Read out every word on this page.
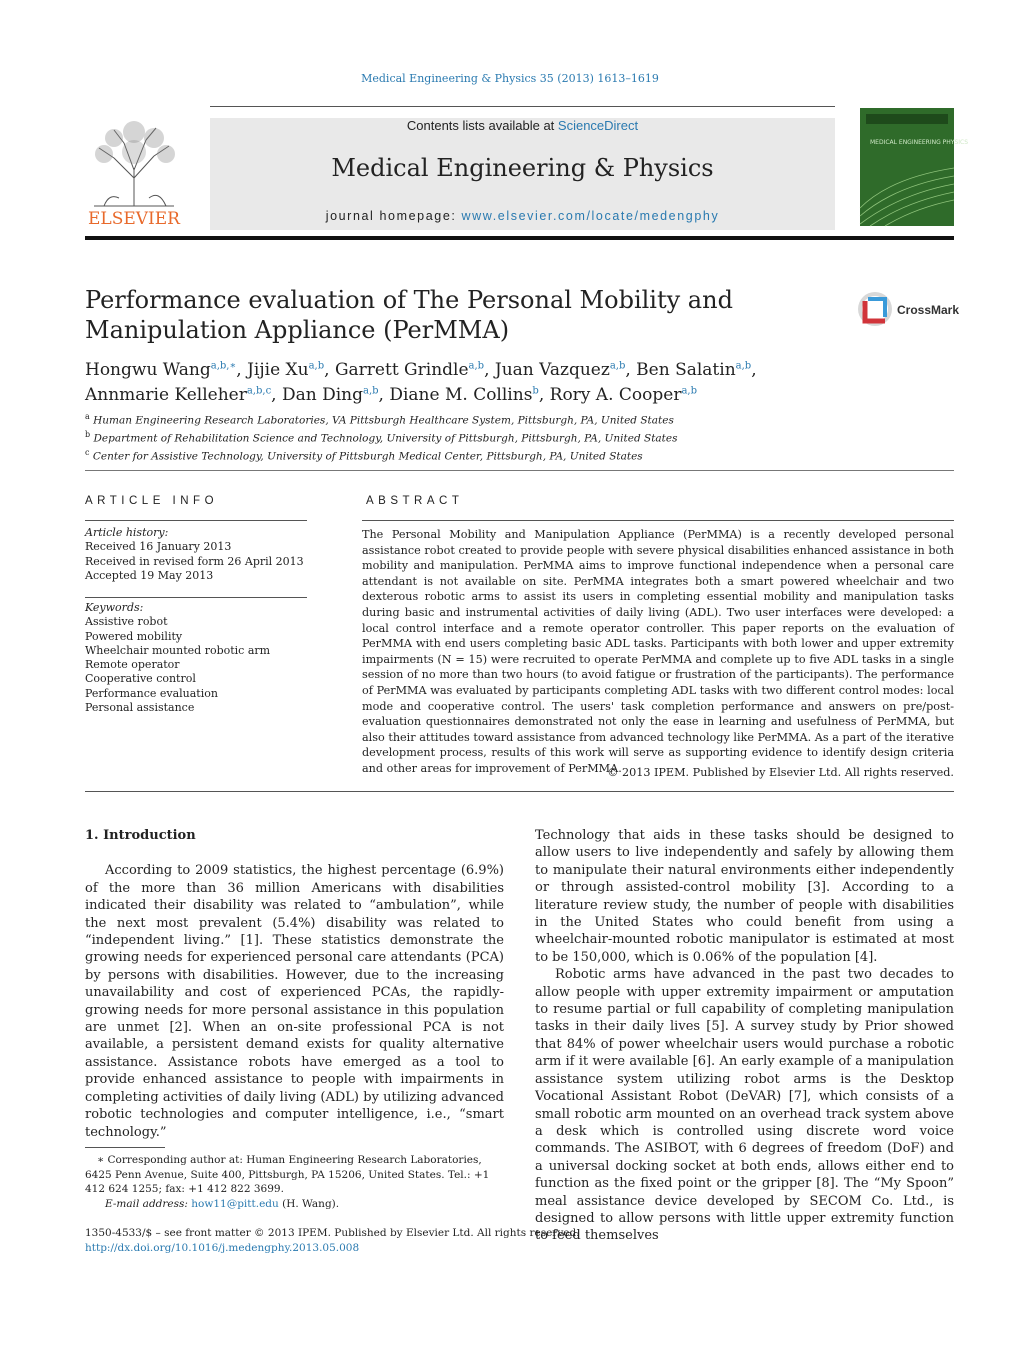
Medical Engineering & Physics 35 (2013) 1613–1619
ELSEVIER
Contents lists available at ScienceDirect
Medical Engineering & Physics
journal homepage: www.elsevier.com/locate/medengphy
MEDICAL ENGINEERING PHYSICS
Performance evaluation of The Personal Mobility and Manipulation Appliance (PerMMA)
CrossMark
Hongwu Wang$^{a,b,∗}$, Jijie Xu$^{a,b}$, Garrett Grindle$^{a,b}$, Juan Vazquez$^{a,b}$, Ben Salatin$^{a,b}$,
Annmarie Kelleher$^{a,b,c}$, Dan Ding$^{a,b}$, Diane M. Collins$^b$, Rory A. Cooper$^{a,b}$
$^a$ Human Engineering Research Laboratories, VA Pittsburgh Healthcare System, Pittsburgh, PA, United States
$^b$ Department of Rehabilitation Science and Technology, University of Pittsburgh, Pittsburgh, PA, United States
$^c$ Center for Assistive Technology, University of Pittsburgh Medical Center, Pittsburgh, PA, United States
ARTICLE INFO
Article history:
Received 16 January 2013
Received in revised form 26 April 2013
Accepted 19 May 2013
Keywords:
Assistive robot
Powered mobility
Wheelchair mounted robotic arm
Remote operator
Cooperative control
Performance evaluation
Personal assistance
ABSTRACT
The Personal Mobility and Manipulation Appliance (PerMMA) is a recently developed personal assistance robot created to provide people with severe physical disabilities enhanced assistance in both mobility and manipulation. PerMMA aims to improve functional independence when a personal care attendant is not available on site. PerMMA integrates both a smart powered wheelchair and two dexterous robotic arms to assist its users in completing essential mobility and manipulation tasks during basic and instrumental activities of daily living (ADL). Two user interfaces were developed: a local control interface and a remote operator controller. This paper reports on the evaluation of PerMMA with end users completing basic ADL tasks. Participants with both lower and upper extremity impairments (N = 15) were recruited to operate PerMMA and complete up to five ADL tasks in a single session of no more than two hours (to avoid fatigue or frustration of the participants). The performance of PerMMA was evaluated by participants completing ADL tasks with two different control modes: local mode and cooperative control. The users' task completion performance and answers on pre/post-evaluation questionnaires demonstrated not only the ease in learning and usefulness of PerMMA, but also their attitudes toward assistance from advanced technology like PerMMA. As a part of the iterative development process, results of this work will serve as supporting evidence to identify design criteria and other areas for improvement of PerMMA.
© 2013 IPEM. Published by Elsevier Ltd. All rights reserved.
1. Introduction

According to 2009 statistics, the highest percentage (6.9%) of the more than 36 million Americans with disabilities indicated their disability was related to “ambulation”, while the next most prevalent (5.4%) disability was related to “independent living.” [1]. These statistics demonstrate the growing needs for experienced personal care attendants (PCA) by persons with disabilities. However, due to the increasing unavailability and cost of experienced PCAs, the rapidly-growing needs for more personal assistance in this population are unmet [2]. When an on-site professional PCA is not available, a persistent demand exists for quality alternative assistance. Assistance robots have emerged as a tool to provide enhanced assistance to people with impairments in completing activities of daily living (ADL) by utilizing advanced robotic technologies and computer intelligence, i.e., “smart technology.”

Technology that aids in these tasks should be designed to allow users to live independently and safely by allowing them to manipulate their natural environments either independently or through assisted-control mobility [3]. According to a literature review study, the number of people with disabilities in the United States who could benefit from using a wheelchair-mounted robotic manipulator is estimated at most to be 150,000, which is 0.06% of the population [4].

Robotic arms have advanced in the past two decades to allow people with upper extremity impairment or amputation to resume partial or full capability of completing manipulation tasks in their daily lives [5]. A survey study by Prior showed that 84% of power wheelchair users would purchase a robotic arm if it were available [6]. An early example of a manipulation assistance system utilizing robot arms is the Desktop Vocational Assistant Robot (DeVAR) [7], which consists of a small robotic arm mounted on an overhead track system above a desk which is controlled using discrete word voice commands. The ASIBOT, with 6 degrees of freedom (DoF) and a universal docking socket at both ends, allows either end to function as the fixed point or the gripper [8]. The “My Spoon” meal assistance device developed by SECOM Co. Ltd., is designed to allow persons with little upper extremity function to feed themselves

∗ Corresponding author at: Human Engineering Research Laboratories, 6425 Penn Avenue, Suite 400, Pittsburgh, PA 15206, United States. Tel.: +1 412 624 1255; fax: +1 412 822 3699.
E-mail address: how11@pitt.edu (H. Wang).
1350-4533/$ – see front matter © 2013 IPEM. Published by Elsevier Ltd. All rights reserved.
http://dx.doi.org/10.1016/j.medengphy.2013.05.008
